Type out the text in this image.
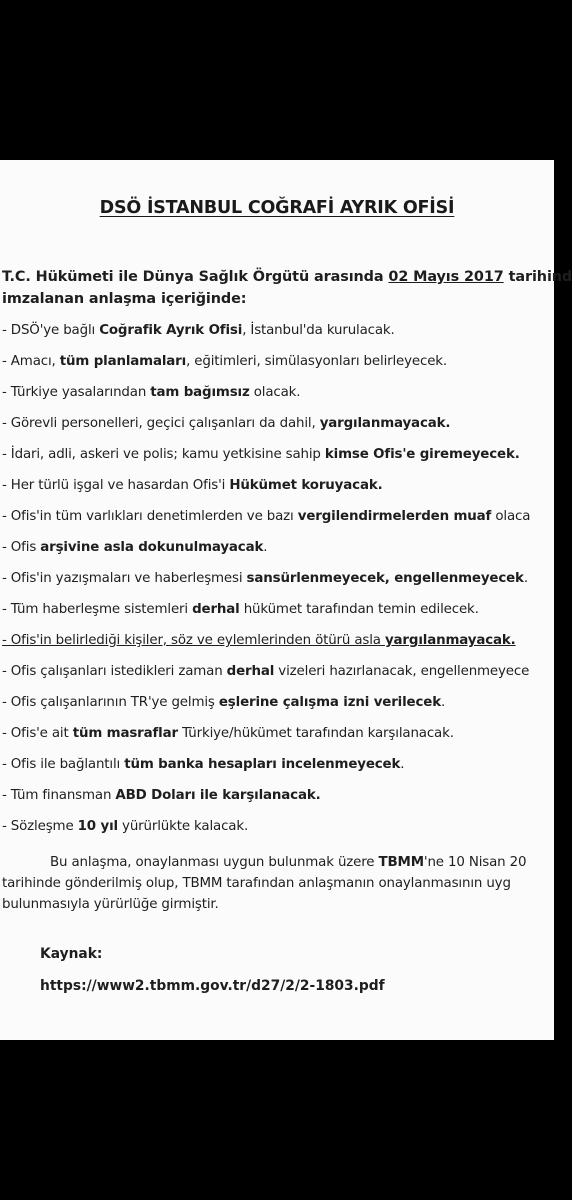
DSÖ İSTANBUL COĞRAFİ AYRIK OFİSİ
T.C. Hükümeti ile Dünya Sağlık Örgütü arasında 02 Mayıs 2017 tarihind
imzalanan anlaşma içeriğinde:
- DSÖ'ye bağlı Coğrafik Ayrık Ofisi, İstanbul'da kurulacak.
- Amacı, tüm planlamaları, eğitimleri, simülasyonları belirleyecek.
- Türkiye yasalarından tam bağımsız olacak.
- Görevli personelleri, geçici çalışanları da dahil, yargılanmayacak.
- İdari, adli, askeri ve polis; kamu yetkisine sahip kimse Ofis'e giremeyecek.
- Her türlü işgal ve hasardan Ofis'i Hükümet koruyacak.
- Ofis'in tüm varlıkları denetimlerden ve bazı vergilendirmelerden muaf olaca
- Ofis arşivine asla dokunulmayacak.
- Ofis'in yazışmaları ve haberleşmesi sansürlenmeyecek, engellenmeyecek.
- Tüm haberleşme sistemleri derhal hükümet tarafından temin edilecek.
- Ofis'in belirlediği kişiler, söz ve eylemlerinden ötürü asla yargılanmayacak.
- Ofis çalışanları istedikleri zaman derhal vizeleri hazırlanacak, engellenmeyece
- Ofis çalışanlarının TR'ye gelmiş eşlerine çalışma izni verilecek.
- Ofis'e ait tüm masraflar Türkiye/hükümet tarafından karşılanacak.
- Ofis ile bağlantılı tüm banka hesapları incelenmeyecek.
- Tüm finansman ABD Doları ile karşılanacak.
- Sözleşme 10 yıl yürürlükte kalacak.
Bu anlaşma, onaylanması uygun bulunmak üzere TBMM'ne 10 Nisan 20
tarihinde gönderilmiş olup, TBMM tarafından anlaşmanın onaylanmasının uyg
bulunmasıyla yürürlüğe girmiştir.
Kaynak:
https://www2.tbmm.gov.tr/d27/2/2-1803.pdf
